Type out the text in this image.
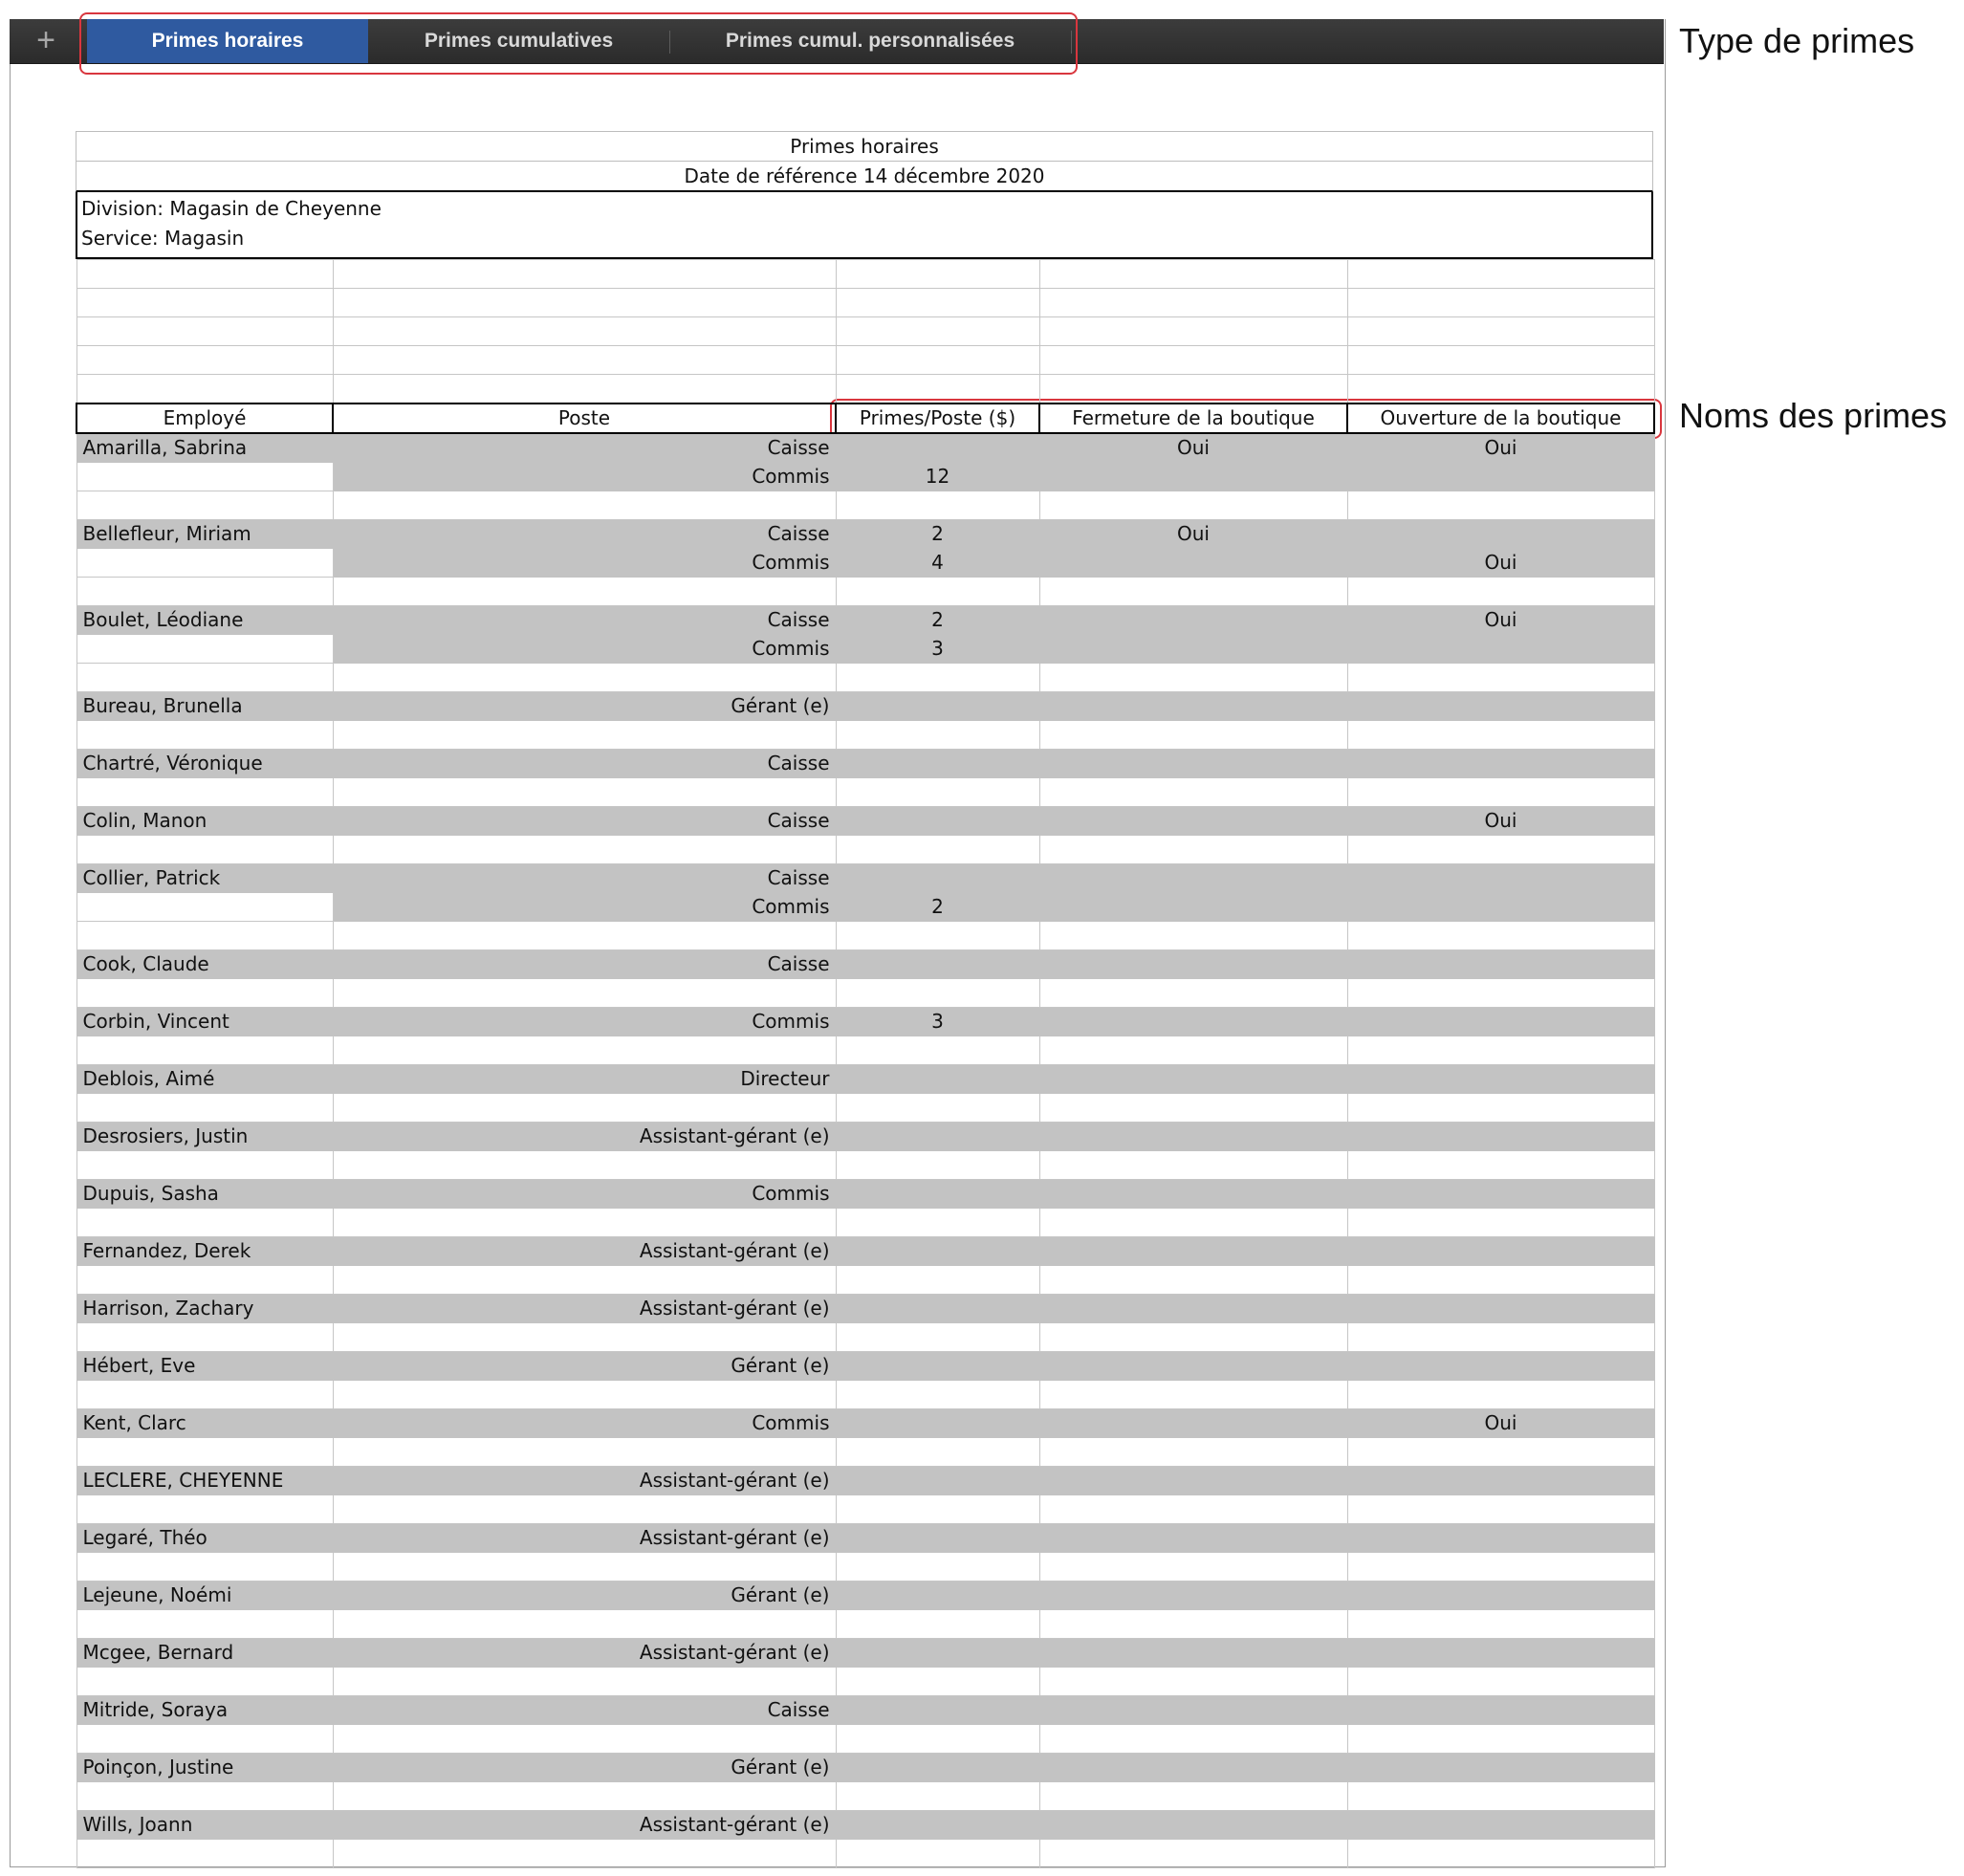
+	Primes horaires	Primes cumulatives	Primes cumul. personnalisées	Type de primes
Noms des primes
Primes horaires
Date de référence 14 décembre 2020
Division: Magasin de Cheyenne
Service: Magasin

Employé	Poste	Primes/Poste ($)	Fermeture de la boutique	Ouverture de la boutique
Amarilla, Sabrina	Caisse		Oui	Oui
	Commis	12		

Bellefleur, Miriam	Caisse	2	Oui	
	Commis	4		Oui

Boulet, Léodiane	Caisse	2		Oui
	Commis	3		

Bureau, Brunella	Gérant (e)			

Chartré, Véronique	Caisse			

Colin, Manon	Caisse			Oui

Collier, Patrick	Caisse			
	Commis	2		

Cook, Claude	Caisse			

Corbin, Vincent	Commis	3		

Deblois, Aimé	Directeur			

Desrosiers, Justin	Assistant-gérant (e)			

Dupuis, Sasha	Commis			

Fernandez, Derek	Assistant-gérant (e)			

Harrison, Zachary	Assistant-gérant (e)			

Hébert, Eve	Gérant (e)			

Kent, Clarc	Commis			Oui

LECLERE, CHEYENNE	Assistant-gérant (e)			

Legaré, Théo	Assistant-gérant (e)			

Lejeune, Noémi	Gérant (e)			

Mcgee, Bernard	Assistant-gérant (e)			

Mitride, Soraya	Caisse			

Poinçon, Justine	Gérant (e)			

Wills, Joann	Assistant-gérant (e)			
